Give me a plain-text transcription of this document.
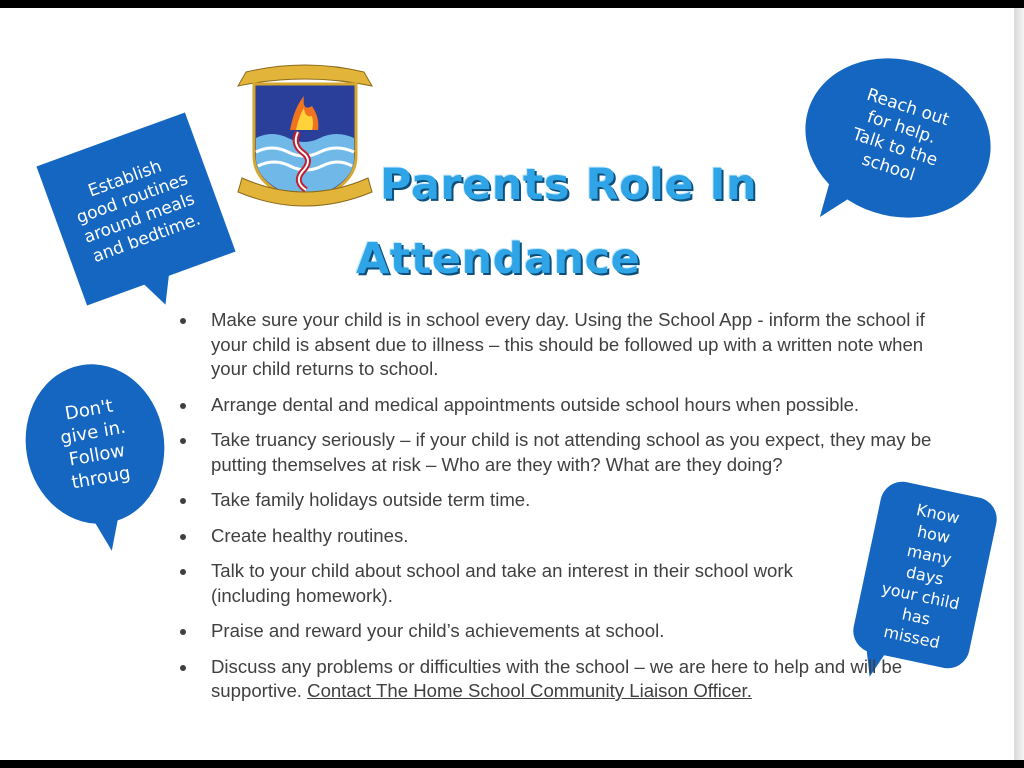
Parents Role In
Attendance
Establish
good routines
around meals
and bedtime.
Reach out
for help.
Talk to the
school
Don't
give in.
Follow
throug
Know
how
many
days
your child
has
missed
Make sure your child is in school every day. Using the School App - inform the school if your child is absent due to illness – this should be followed up with a written note when your child returns to school.
Arrange dental and medical appointments outside school hours when possible.
Take truancy seriously – if your child is not attending school as you expect, they may be putting themselves at risk – Who are they with? What are they doing?
Take family holidays outside term time.
Create healthy routines.
Talk to your child about school and take an interest in their school work (including homework).
Praise and reward your child’s achievements at school.
Discuss any problems or difficulties with the school – we are here to help and will be supportive. Contact The Home School Community Liaison Officer.
